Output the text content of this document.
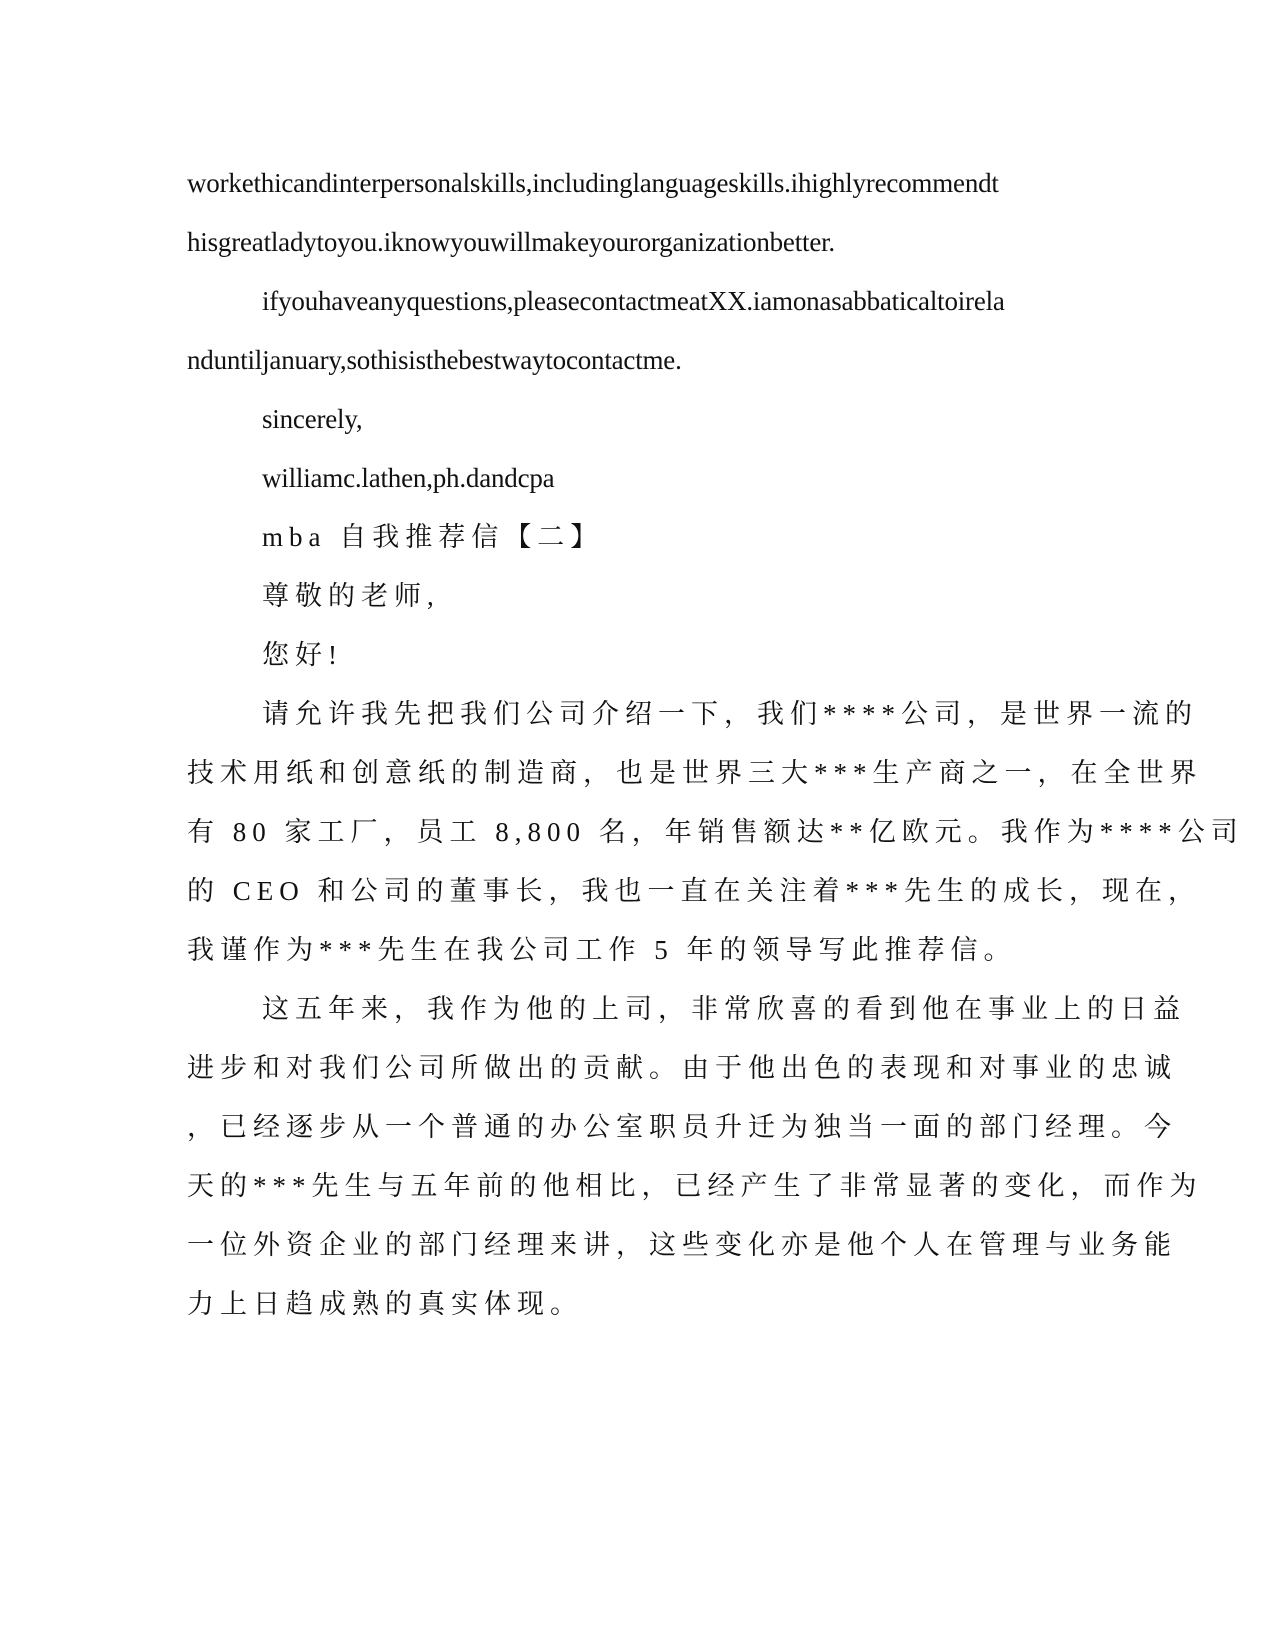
workethicandinterpersonalskills,includinglanguageskills.ihighlyrecommendt
hisgreatladytoyou.iknowyouwillmakeyourorganizationbetter.
ifyouhaveanyquestions,pleasecontactmeatXX.iamonasabbaticaltoirela
nduntiljanuary,sothisisthebestwaytocontactme.
sincerely,
williamc.lathen,ph.dandcpa
mba 自我推荐信【二】
尊敬的老师,
您好!
请允许我先把我们公司介绍一下，我们****公司，是世界一流的
技术用纸和创意纸的制造商，也是世界三大***生产商之一，在全世界
有 80 家工厂，员工 8,800 名，年销售额达**亿欧元。我作为****公司
的 CEO 和公司的董事长，我也一直在关注着***先生的成长，现在，
我谨作为***先生在我公司工作 5 年的领导写此推荐信。
这五年来，我作为他的上司，非常欣喜的看到他在事业上的日益
进步和对我们公司所做出的贡献。由于他出色的表现和对事业的忠诚
，已经逐步从一个普通的办公室职员升迁为独当一面的部门经理。今
天的***先生与五年前的他相比，已经产生了非常显著的变化，而作为
一位外资企业的部门经理来讲，这些变化亦是他个人在管理与业务能
力上日趋成熟的真实体现。
